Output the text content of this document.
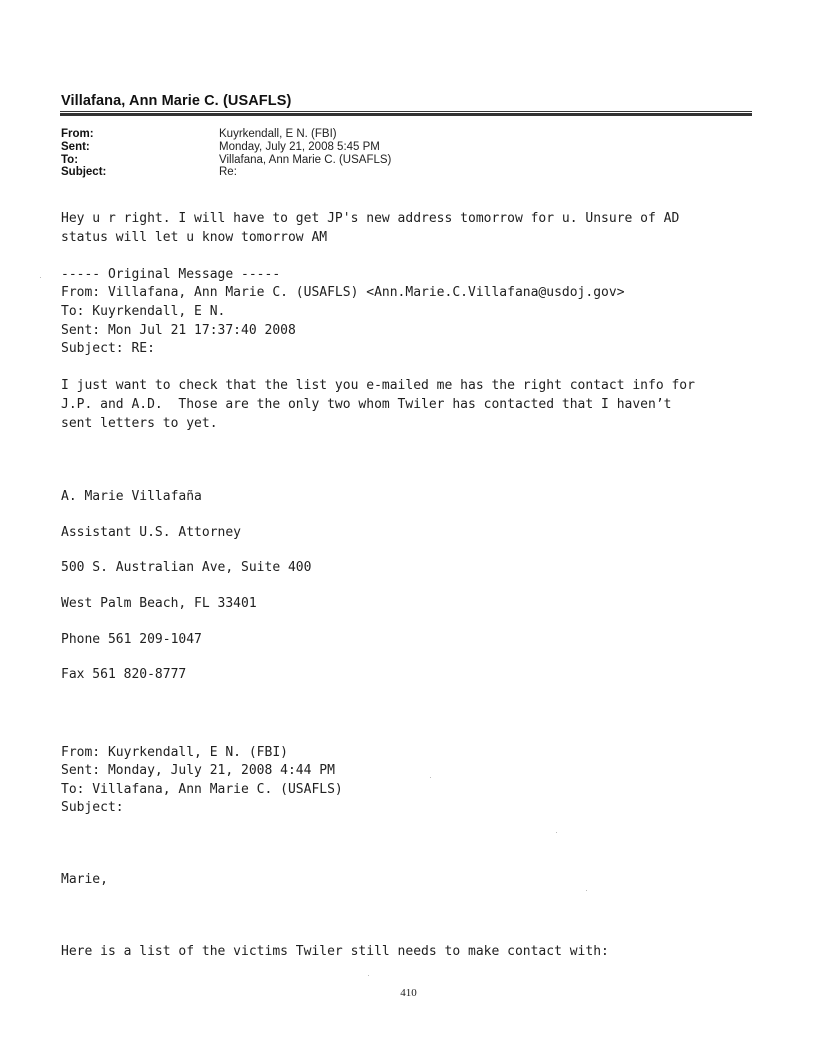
Villafana, Ann Marie C. (USAFLS)
From:	Kuyrkendall, E N. (FBI)
Sent:	Monday, July 21, 2008 5:45 PM
To:	Villafana, Ann Marie C. (USAFLS)
Subject:	Re:

Hey u r right. I will have to get JP's new address tomorrow for u. Unsure of AD

status will let u know tomorrow AM

----- Original Message -----

From: Villafana, Ann Marie C. (USAFLS) <Ann.Marie.C.Villafana@usdoj.gov>

To: Kuyrkendall, E N.

Sent: Mon Jul 21 17:37:40 2008

Subject: RE:

I just want to check that the list you e-mailed me has the right contact info for

J.P. and A.D.  Those are the only two whom Twiler has contacted that I haven’t

sent letters to yet.

A. Marie Villafaña

Assistant U.S. Attorney

500 S. Australian Ave, Suite 400

West Palm Beach, FL 33401

Phone 561 209-1047

Fax 561 820-8777

From: Kuyrkendall, E N. (FBI)

Sent: Monday, July 21, 2008 4:44 PM

To: Villafana, Ann Marie C. (USAFLS)

Subject:

Marie,

Here is a list of the victims Twiler still needs to make contact with:

410
